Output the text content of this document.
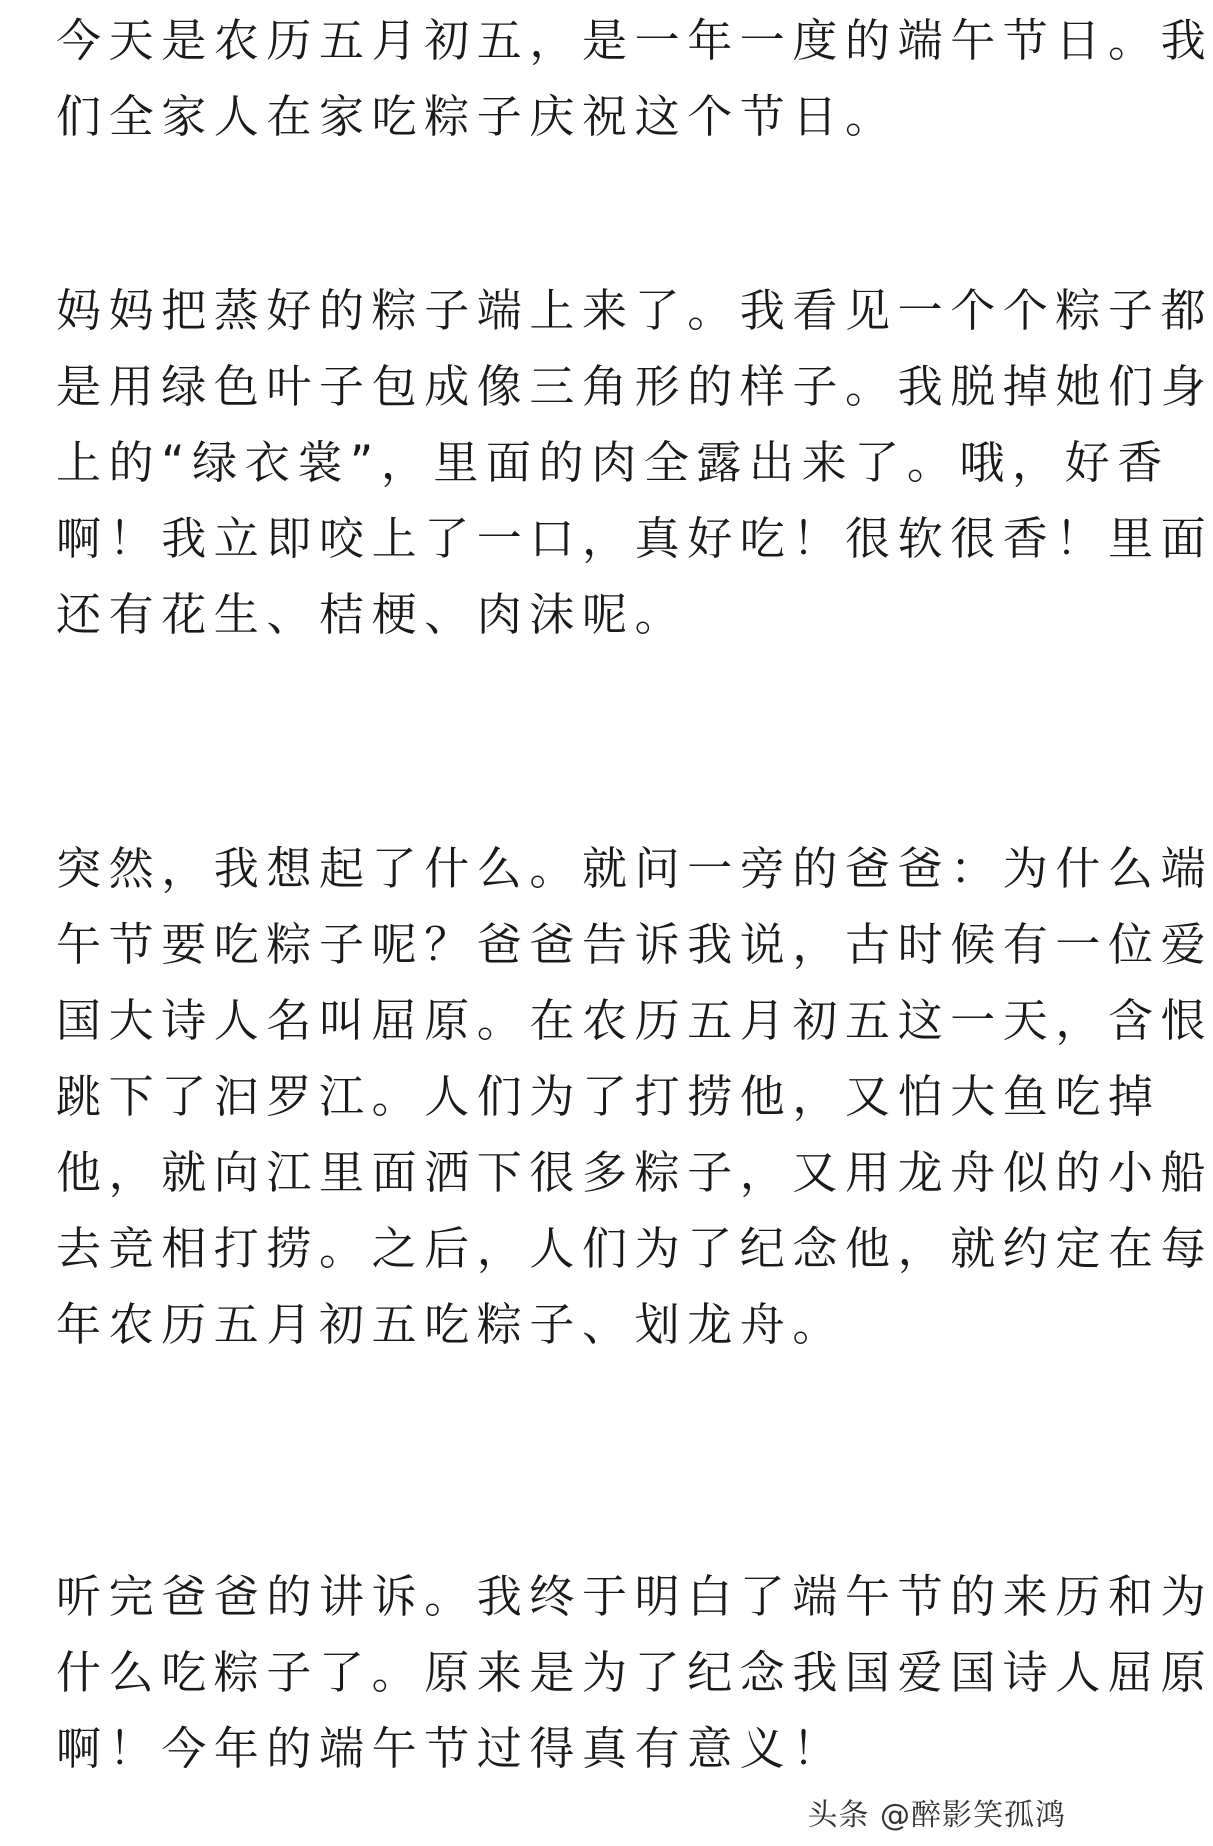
今天是农历五月初五，是一年一度的端午节日。我
们全家人在家吃粽子庆祝这个节日。
妈妈把蒸好的粽子端上来了。我看见一个个粽子都
是用绿色叶子包成像三角形的样子。我脱掉她们身
上的“绿衣裳”，里面的肉全露出来了。哦，好香
啊！我立即咬上了一口，真好吃！很软很香！里面
还有花生、桔梗、肉沫呢。
突然，我想起了什么。就问一旁的爸爸：为什么端
午节要吃粽子呢？爸爸告诉我说，古时候有一位爱
国大诗人名叫屈原。在农历五月初五这一天，含恨
跳下了汩罗江。人们为了打捞他，又怕大鱼吃掉
他，就向江里面洒下很多粽子，又用龙舟似的小船
去竞相打捞。之后，人们为了纪念他，就约定在每
年农历五月初五吃粽子、划龙舟。
听完爸爸的讲诉。我终于明白了端午节的来历和为
什么吃粽子了。原来是为了纪念我国爱国诗人屈原
啊！今年的端午节过得真有意义！
头条 @醉影笑孤鸿
